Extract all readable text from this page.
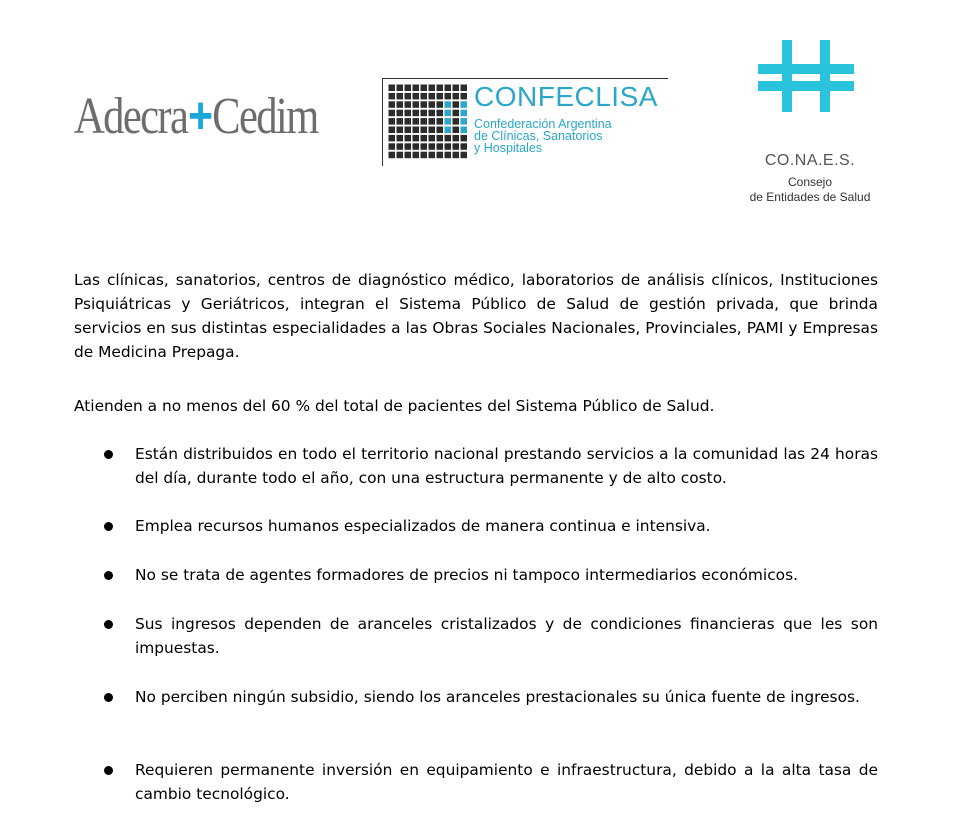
Adecra+Cedim	CONFECLISA
Confederación Argentina
de Clínicas, Sanatorios
y Hospitales
CO.NA.E.S.
Consejo
de Entidades de Salud

Las clínicas, sanatorios, centros de diagnóstico médico, laboratorios de análisis clínicos, Instituciones Psiquiátricas y Geriátricos, integran el Sistema Público de Salud de gestión privada, que brinda servicios en sus distintas especialidades a las Obras Sociales Nacionales, Provinciales, PAMI y Empresas de Medicina Prepaga.

Atienden a no menos del 60 % del total de pacientes del Sistema Público de Salud.

Están distribuidos en todo el territorio nacional prestando servicios a la comunidad las 24 horas del día, durante todo el año, con una estructura permanente y de alto costo.
Emplea recursos humanos especializados de manera continua e intensiva.
No se trata de agentes formadores de precios ni tampoco intermediarios económicos.
Sus ingresos dependen de aranceles cristalizados y de condiciones financieras que les son impuestas.
No perciben ningún subsidio, siendo los aranceles prestacionales su única fuente de ingresos.
Requieren permanente inversión en equipamiento e infraestructura, debido a la alta tasa de cambio tecnológico.
